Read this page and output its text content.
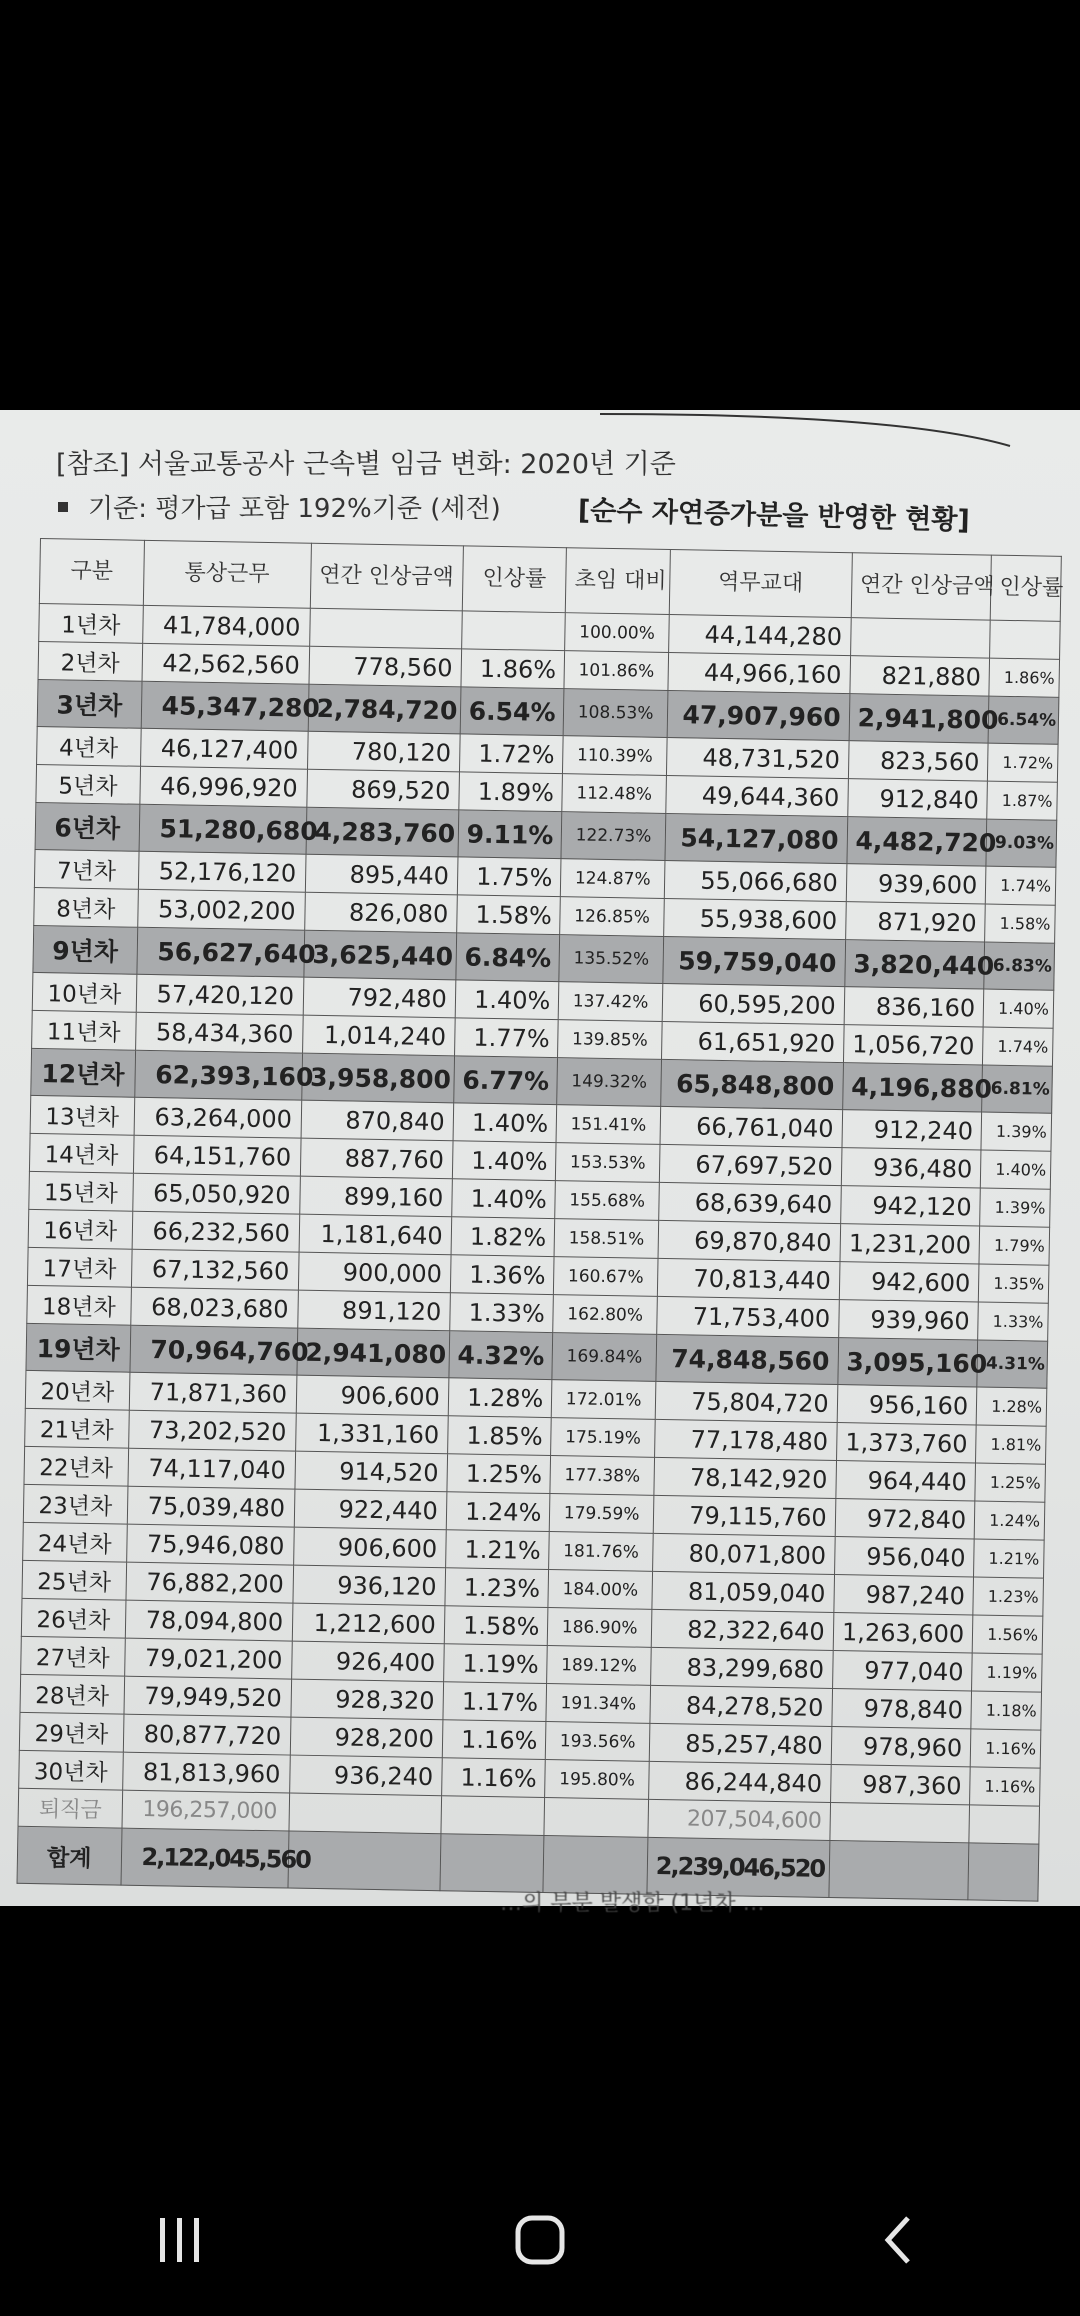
[참조] 서울교통공사 근속별 임금 변화: 2020년 기준
기준: 평가급 포함 192%기준 (세전)	[순수 자연증가분을 반영한 현황]
구분	통상근무	연간 인상금액	인상률	초임 대비	역무교대	연간 인상금액	인상률
1년차	41,784,000			100.00%	44,144,280		
2년차	42,562,560	778,560	1.86%	101.86%	44,966,160	821,880	1.86%
3년차	45,347,280	2,784,720	6.54%	108.53%	47,907,960	2,941,800	6.54%
4년차	46,127,400	780,120	1.72%	110.39%	48,731,520	823,560	1.72%
5년차	46,996,920	869,520	1.89%	112.48%	49,644,360	912,840	1.87%
6년차	51,280,680	4,283,760	9.11%	122.73%	54,127,080	4,482,720	9.03%
7년차	52,176,120	895,440	1.75%	124.87%	55,066,680	939,600	1.74%
8년차	53,002,200	826,080	1.58%	126.85%	55,938,600	871,920	1.58%
9년차	56,627,640	3,625,440	6.84%	135.52%	59,759,040	3,820,440	6.83%
10년차	57,420,120	792,480	1.40%	137.42%	60,595,200	836,160	1.40%
11년차	58,434,360	1,014,240	1.77%	139.85%	61,651,920	1,056,720	1.74%
12년차	62,393,160	3,958,800	6.77%	149.32%	65,848,800	4,196,880	6.81%
13년차	63,264,000	870,840	1.40%	151.41%	66,761,040	912,240	1.39%
14년차	64,151,760	887,760	1.40%	153.53%	67,697,520	936,480	1.40%
15년차	65,050,920	899,160	1.40%	155.68%	68,639,640	942,120	1.39%
16년차	66,232,560	1,181,640	1.82%	158.51%	69,870,840	1,231,200	1.79%
17년차	67,132,560	900,000	1.36%	160.67%	70,813,440	942,600	1.35%
18년차	68,023,680	891,120	1.33%	162.80%	71,753,400	939,960	1.33%
19년차	70,964,760	2,941,080	4.32%	169.84%	74,848,560	3,095,160	4.31%
20년차	71,871,360	906,600	1.28%	172.01%	75,804,720	956,160	1.28%
21년차	73,202,520	1,331,160	1.85%	175.19%	77,178,480	1,373,760	1.81%
22년차	74,117,040	914,520	1.25%	177.38%	78,142,920	964,440	1.25%
23년차	75,039,480	922,440	1.24%	179.59%	79,115,760	972,840	1.24%
24년차	75,946,080	906,600	1.21%	181.76%	80,071,800	956,040	1.21%
25년차	76,882,200	936,120	1.23%	184.00%	81,059,040	987,240	1.23%
26년차	78,094,800	1,212,600	1.58%	186.90%	82,322,640	1,263,600	1.56%
27년차	79,021,200	926,400	1.19%	189.12%	83,299,680	977,040	1.19%
28년차	79,949,520	928,320	1.17%	191.34%	84,278,520	978,840	1.18%
29년차	80,877,720	928,200	1.16%	193.56%	85,257,480	978,960	1.16%
30년차	81,813,960	936,240	1.16%	195.80%	86,244,840	987,360	1.16%
퇴직금	196,257,000				207,504,600		
합계	2,122,045,560				2,239,046,520		
…의 부분 발생함 (1년차 …
